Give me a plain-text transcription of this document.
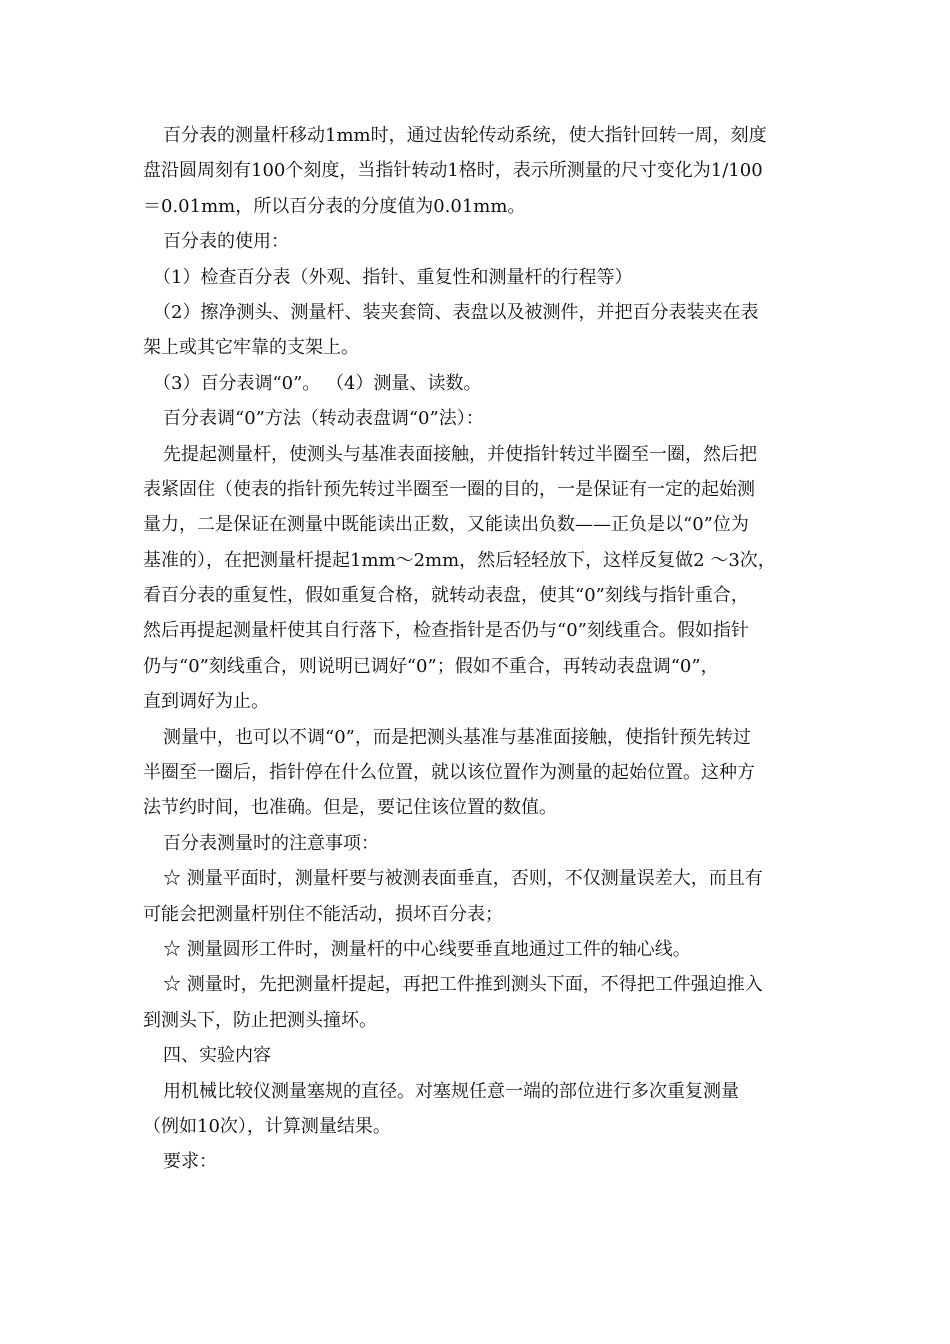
百分表的测量杆移动1mm时，通过齿轮传动系统，使大指针回转一周，刻度
盘沿圆周刻有100个刻度，当指针转动1格时，表示所测量的尺寸变化为1/100
＝0.01mm，所以百分表的分度值为0.01mm。
百分表的使用：
（1）检查百分表（外观、指针、重复性和测量杆的行程等）
（2）擦净测头、测量杆、装夹套筒、表盘以及被测件，并把百分表装夹在表
架上或其它牢靠的支架上。
（3）百分表调“0”。 （4）测量、读数。
百分表调“0”方法（转动表盘调“0”法）：
先提起测量杆，使测头与基准表面接触，并使指针转过半圈至一圈，然后把
表紧固住（使表的指针预先转过半圈至一圈的目的，一是保证有一定的起始测
量力，二是保证在测量中既能读出正数，又能读出负数——正负是以“0”位为
基准的），在把测量杆提起1mm～2mm，然后轻轻放下，这样反复做2 ～3次，
看百分表的重复性，假如重复合格，就转动表盘，使其“0”刻线与指针重合，
然后再提起测量杆使其自行落下，检查指针是否仍与“0”刻线重合。假如指针
仍与“0”刻线重合，则说明已调好“0”；假如不重合，再转动表盘调“0”，
直到调好为止。
测量中，也可以不调“0”，而是把测头基准与基准面接触，使指针预先转过
半圈至一圈后，指针停在什么位置，就以该位置作为测量的起始位置。这种方
法节约时间，也准确。但是，要记住该位置的数值。
百分表测量时的注意事项：
☆ 测量平面时，测量杆要与被测表面垂直，否则，不仅测量误差大，而且有
可能会把测量杆别住不能活动，损坏百分表；
☆ 测量圆形工件时，测量杆的中心线要垂直地通过工件的轴心线。
☆ 测量时，先把测量杆提起，再把工件推到测头下面，不得把工件强迫推入
到测头下，防止把测头撞坏。
四、实验内容
用机械比较仪测量塞规的直径。对塞规任意一端的部位进行多次重复测量
（例如10次），计算测量结果。
要求：
